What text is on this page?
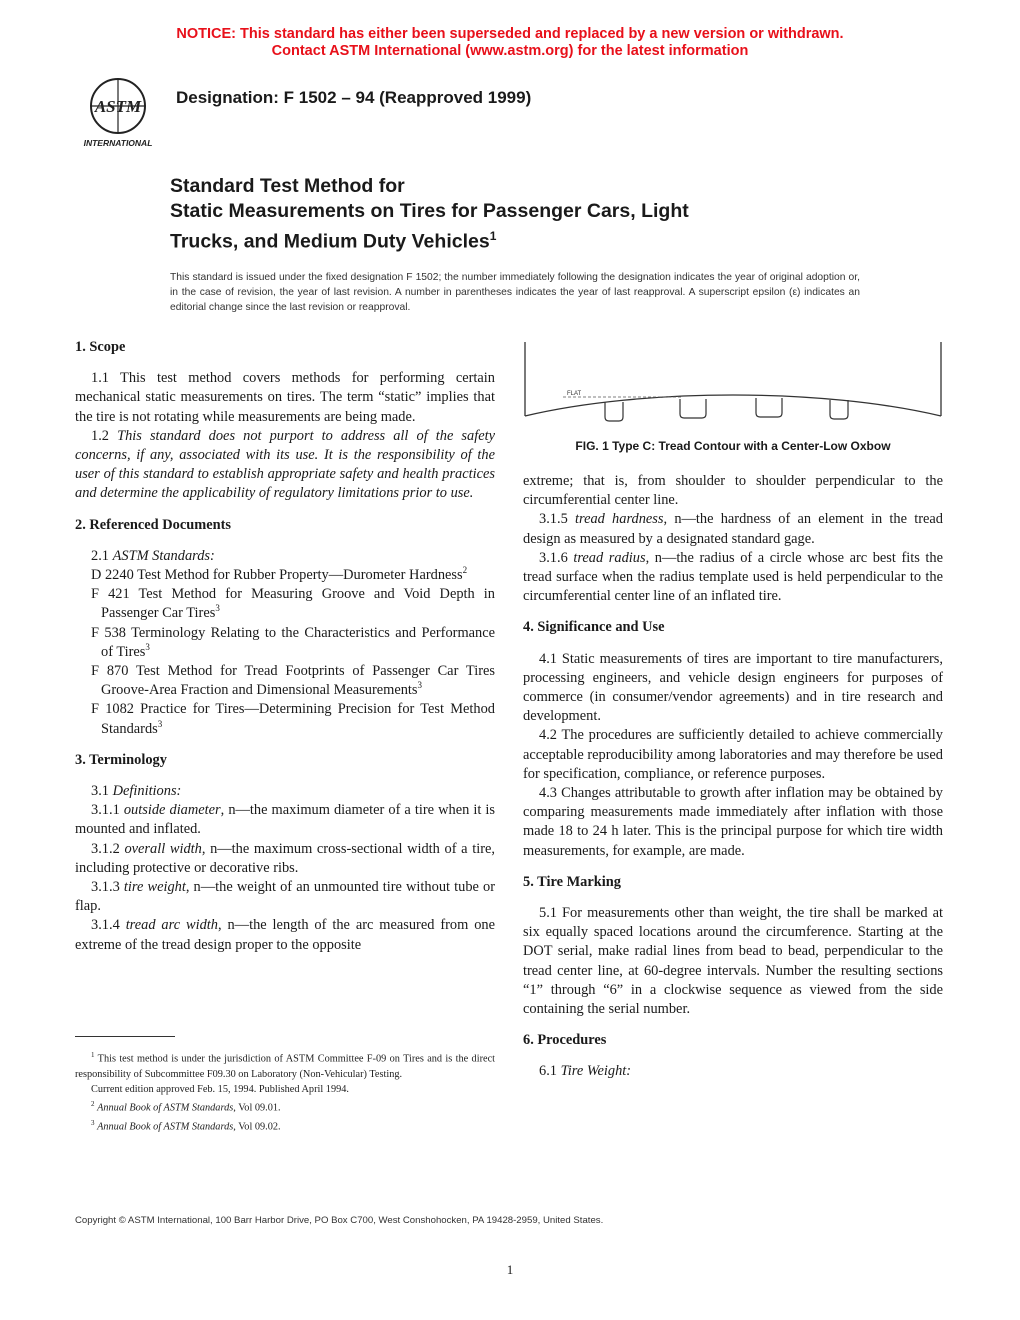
NOTICE: This standard has either been superseded and replaced by a new version or withdrawn.
Contact ASTM International (www.astm.org) for the latest information
ASTM
INTERNATIONAL
Designation: F 1502 – 94 (Reapproved 1999)
Standard Test Method for
Static Measurements on Tires for Passenger Cars, Light
Trucks, and Medium Duty Vehicles$^1$
This standard is issued under the fixed designation F 1502; the number immediately following the designation indicates the year of original adoption or, in the case of revision, the year of last revision. A number in parentheses indicates the year of last reapproval. A superscript epsilon (ε) indicates an editorial change since the last revision or reapproval.
1. Scope

1.1 This test method covers methods for performing certain mechanical static measurements on tires. The term “static” implies that the tire is not rotating while measurements are being made.

1.2 This standard does not purport to address all of the safety concerns, if any, associated with its use. It is the responsibility of the user of this standard to establish appropriate safety and health practices and determine the applicability of regulatory limitations prior to use.

2. Referenced Documents

2.1 ASTM Standards:

D 2240 Test Method for Rubber Property—Durometer Hardness$^2$

F 421 Test Method for Measuring Groove and Void Depth in Passenger Car Tires$^3$

F 538 Terminology Relating to the Characteristics and Performance of Tires$^3$

F 870 Test Method for Tread Footprints of Passenger Car Tires Groove-Area Fraction and Dimensional Measurements$^3$

F 1082 Practice for Tires—Determining Precision for Test Method Standards$^3$

3. Terminology

3.1 Definitions:

3.1.1 outside diameter, n—the maximum diameter of a tire when it is mounted and inflated.

3.1.2 overall width, n—the maximum cross-sectional width of a tire, including protective or decorative ribs.

3.1.3 tire weight, n—the weight of an unmounted tire without tube or flap.

3.1.4 tread arc width, n—the length of the arc measured from one extreme of the tread design proper to the opposite

FLAT
FIG. 1 Type C: Tread Contour with a Center-Low Oxbow

extreme; that is, from shoulder to shoulder perpendicular to the circumferential center line.

3.1.5 tread hardness, n—the hardness of an element in the tread design as measured by a designated standard gage.

3.1.6 tread radius, n—the radius of a circle whose arc best fits the tread surface when the radius template used is held perpendicular to the circumferential center line of an inflated tire.

4. Significance and Use

4.1 Static measurements of tires are important to tire manufacturers, processing engineers, and vehicle design engineers for purposes of commerce (in consumer/vendor agreements) and in tire research and development.

4.2 The procedures are sufficiently detailed to achieve commercially acceptable reproducibility among laboratories and may therefore be used for specification, compliance, or reference purposes.

4.3 Changes attributable to growth after inflation may be obtained by comparing measurements made immediately after inflation with those made 18 to 24 h later. This is the principal purpose for which tire width measurements, for example, are made.

5. Tire Marking

5.1 For measurements other than weight, the tire shall be marked at six equally spaced locations around the circumference. Starting at the DOT serial, make radial lines from bead to bead, perpendicular to the tread center line, at 60-degree intervals. Number the resulting sections “1” through “6” in a clockwise sequence as viewed from the side containing the serial number.

6. Procedures

6.1 Tire Weight:

$^1$ This test method is under the jurisdiction of ASTM Committee F-09 on Tires and is the direct responsibility of Subcommittee F09.30 on Laboratory (Non-Vehicular) Testing.

Current edition approved Feb. 15, 1994. Published April 1994.

$^2$ Annual Book of ASTM Standards, Vol 09.01.

$^3$ Annual Book of ASTM Standards, Vol 09.02.

Copyright © ASTM International, 100 Barr Harbor Drive, PO Box C700, West Conshohocken, PA 19428-2959, United States.
1
